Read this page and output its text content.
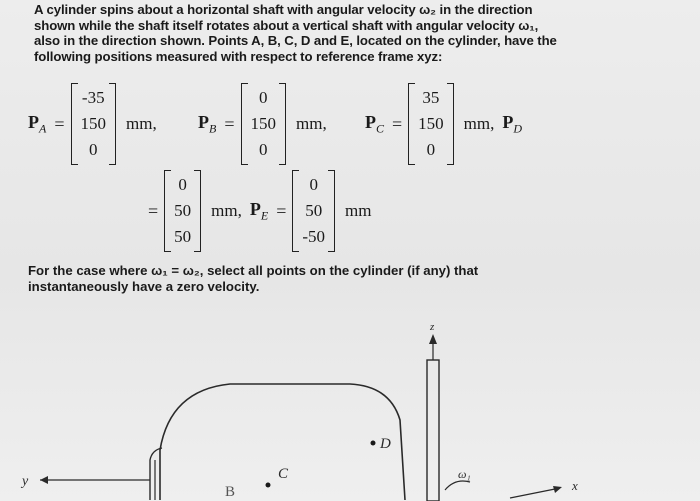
A cylinder spins about a horizontal shaft with angular velocity ω₂ in the direction
shown while the shaft itself rotates about a vertical shaft with angular velocity ω₁,
also in the direction shown. Points A, B, C, D and E, located on the cylinder, have the
following positions measured with respect to reference frame xyz:
$P_A$ =
-35
150
0
mm, $P_B$ =
0
150
0
mm, $P_C$ =
35
150
0
mm, $P_D$
=
0
50
50
mm, $P_E$ =
0
50
-50
mm
For the case where ω₁ = ω₂, select all points on the cylinder (if any) that
instantaneously have a zero velocity.
y
z
ω₁
x
D
C
B
